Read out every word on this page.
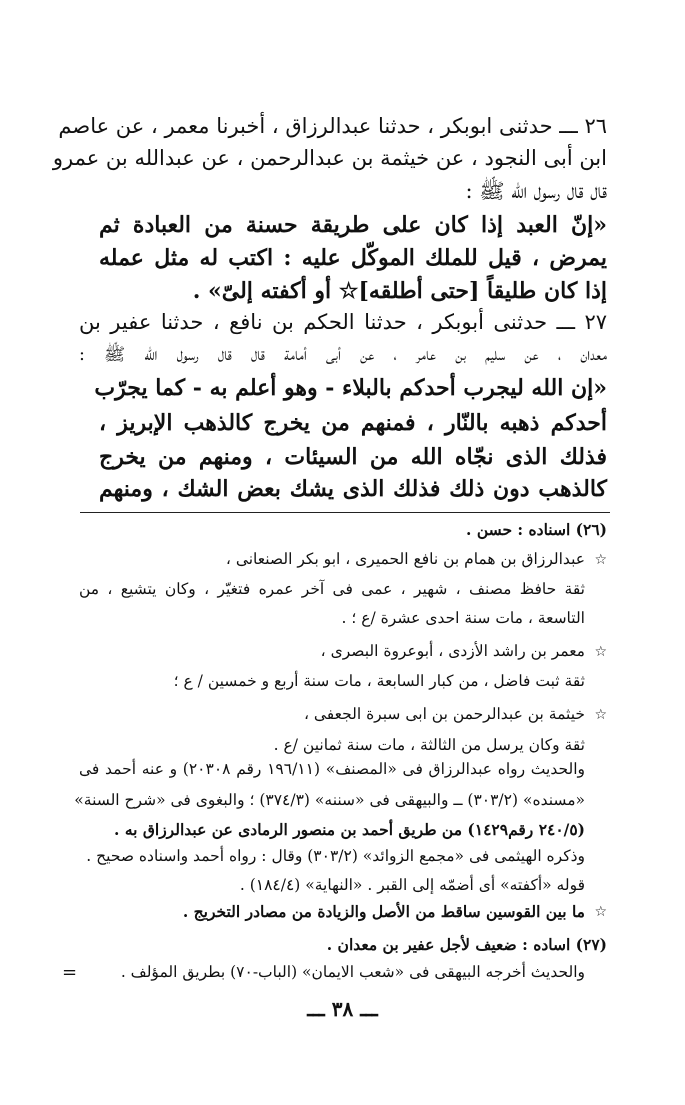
٢٦ ـــ حدثنى ابوبكر ، حدثنا عبدالرزاق ، أخبرنا معمر ، عن عاصم
ابن أبى النجود ، عن خيثمة بن عبدالرحمن ، عن عبدالله بن عمرو
قال قال رسول الله ﷺ :
«إنّ العبد إذا كان على طريقة حسنة من العبادة ثم
يمرض ، قيل للملك الموكّل عليه : اكتب له مثل عمله
إذا كان طليقاً [حتى أطلقه]☆ أو أكفته إلىّ» .
٢٧ ـــ حدثنى أبوبكر ، حدثنا الحكم بن نافع ، حدثنا عفير بن
معدان ، عن سليم بن عامر ، عن أبى أمامة قال قال رسول الله ﷺ :
«إن الله ليجرب أحدكم بالبلاء - وهو أعلم به - كما يجرّب
أحدكم ذهبه بالنّار ، فمنهم من يخرج كالذهب الإبريز ،
فذلك الذى نجّاه الله من السيئات ، ومنهم من يخرج
كالذهب دون ذلك فذلك الذى يشك بعض الشك ، ومنهم
(٢٦) اسناده : حسن .
☆
عبدالرزاق بن همام بن نافع الحميرى ، ابو بكر الصنعانى ،
ثقة حافظ مصنف ، شهير ، عمى فى آخر عمره فتغيّر ، وكان يتشيع ، من
التاسعة ، مات سنة احدى عشرة /ع ؛ .
☆
معمر بن راشد الأزدى ، أبوعروة البصرى ،
ثقة ثبت فاضل ، من كبار السابعة ، مات سنة أربع و خمسين / ع ؛
☆
خيثمة بن عبدالرحمن بن ابى سبرة الجعفى ،
ثقة وكان يرسل من الثالثة ، مات سنة ثمانين /ع .
والحديث رواه عبدالرزاق فى «المصنف» (١٩٦/١١ رقم ٢٠٣٠٨) و عنه أحمد فى
«مسنده» (٣٠٣/٢) ــ والبيهقى فى «سننه» (٣٧٤/٣) ؛ والبغوى فى «شرح السنة»
(٢٤٠/٥ رقم١٤٢٩) من طريق أحمد بن منصور الرمادى عن عبدالرزاق به .
وذكره الهيثمى فى «مجمع الزوائد» (٣٠٣/٢) وقال : رواه أحمد واسناده صحيح .
قوله «أكفته» أى أضمّه إلى القبر . «النهاية» (١٨٤/٤) .
☆
ما بين القوسين ساقط من الأصل والزيادة من مصادر التخريج .
(٢٧) اساده : ضعيف لأجل عفير بن معدان .
والحديث أخرجه البيهقى فى «شعب الايمان» (الباب-٧٠) بطريق المؤلف .
=
ـــ ٣٨ ـــ
